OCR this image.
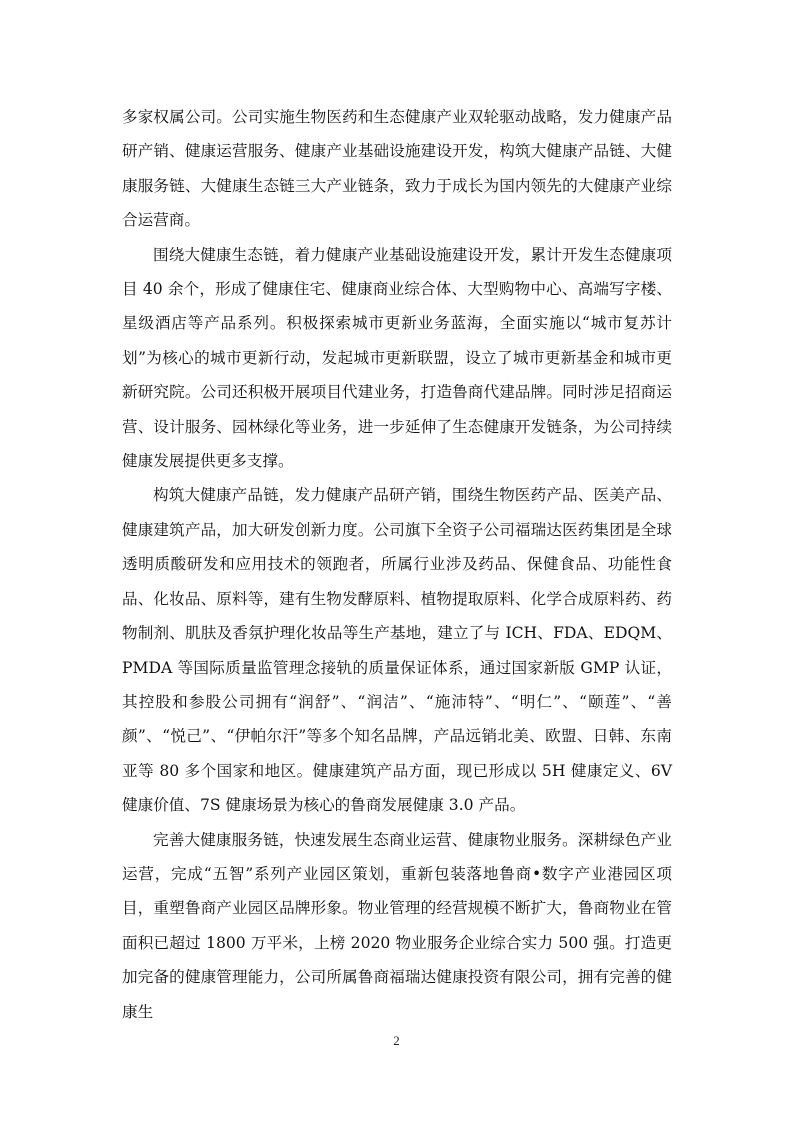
多家权属公司。公司实施生物医药和生态健康产业双轮驱动战略，发力健康产品研产销、健康运营服务、健康产业基础设施建设开发，构筑大健康产品链、大健康服务链、大健康生态链三大产业链条，致力于成长为国内领先的大健康产业综合运营商。

围绕大健康生态链，着力健康产业基础设施建设开发，累计开发生态健康项目 40 余个，形成了健康住宅、健康商业综合体、大型购物中心、高端写字楼、星级酒店等产品系列。积极探索城市更新业务蓝海，全面实施以“城市复苏计划”为核心的城市更新行动，发起城市更新联盟，设立了城市更新基金和城市更新研究院。公司还积极开展项目代建业务，打造鲁商代建品牌。同时涉足招商运营、设计服务、园林绿化等业务，进一步延伸了生态健康开发链条，为公司持续健康发展提供更多支撑。

构筑大健康产品链，发力健康产品研产销，围绕生物医药产品、医美产品、健康建筑产品，加大研发创新力度。公司旗下全资子公司福瑞达医药集团是全球透明质酸研发和应用技术的领跑者，所属行业涉及药品、保健食品、功能性食品、化妆品、原料等，建有生物发酵原料、植物提取原料、化学合成原料药、药物制剂、肌肤及香氛护理化妆品等生产基地，建立了与 ICH、FDA、EDQM、PMDA 等国际质量监管理念接轨的质量保证体系，通过国家新版 GMP 认证，其控股和参股公司拥有“润舒”、“润洁”、“施沛特”、“明仁”、“颐莲”、“善颜”、“悦己”、“伊帕尔汗”等多个知名品牌，产品远销北美、欧盟、日韩、东南亚等 80 多个国家和地区。健康建筑产品方面，现已形成以 5H 健康定义、6V 健康价值、7S 健康场景为核心的鲁商发展健康 3.0 产品。

完善大健康服务链，快速发展生态商业运营、健康物业服务。深耕绿色产业运营，完成“五智”系列产业园区策划，重新包装落地鲁商•数字产业港园区项目，重塑鲁商产业园区品牌形象。物业管理的经营规模不断扩大，鲁商物业在管面积已超过 1800 万平米，上榜 2020 物业服务企业综合实力 500 强。打造更加完备的健康管理能力，公司所属鲁商福瑞达健康投资有限公司，拥有完善的健康生

2
